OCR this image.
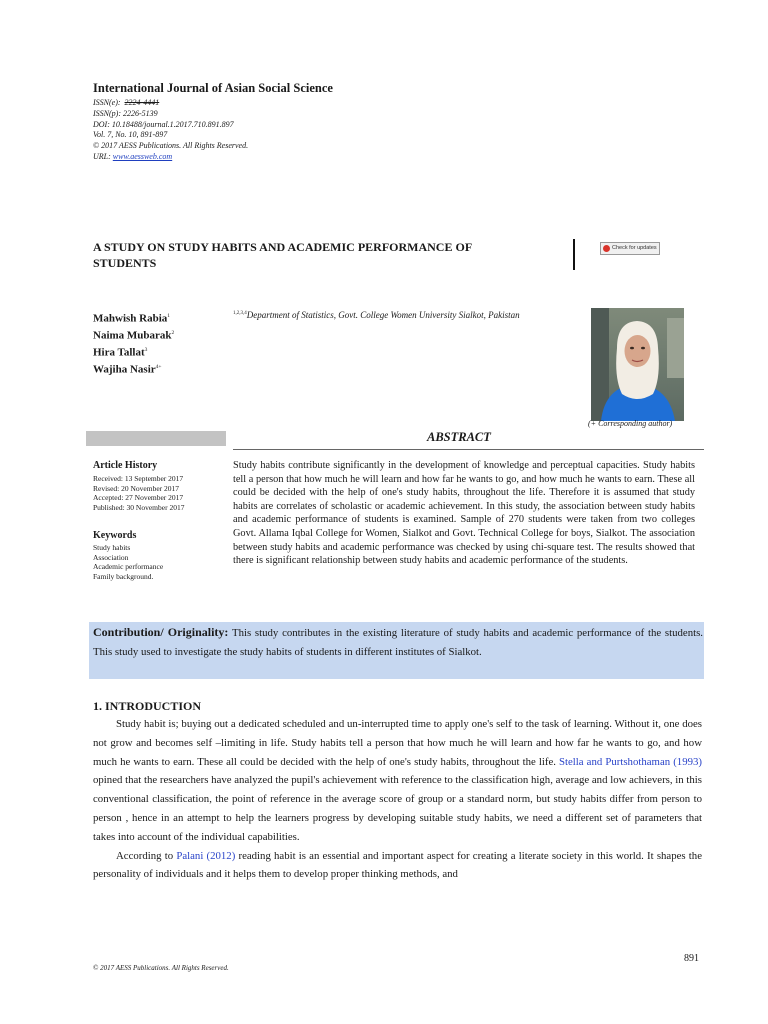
International Journal of Asian Social Science
ISSN(e): 2224-4441
ISSN(p): 2226-5139
DOI: 10.18488/journal.1.2017.710.891.897
Vol. 7, No. 10, 891-897
© 2017 AESS Publications. All Rights Reserved.
URL: www.aessweb.com
A STUDY ON STUDY HABITS AND ACADEMIC PERFORMANCE OF
STUDENTS
Check for updates
Mahwish Rabia$^1$
Naima Mubarak$^2$
Hira Tallat$^3$
Wajiha Nasir$^{4+}$
$^{1,2,3,4}$Department of Statistics, Govt. College Women University Sialkot, Pakistan
(+ Corresponding author)
ABSTRACT
Article History
Received: 13 September 2017
Revised: 20 November 2017
Accepted: 27 November 2017
Published: 30 November 2017
Keywords
Study habits
Association
Academic performance
Family background.
Study habits contribute significantly in the development of knowledge and perceptual capacities. Study habits tell a person that how much he will learn and how far he wants to go, and how much he wants to earn. These all could be decided with the help of one's study habits, throughout the life. Therefore it is assumed that study habits are correlates of scholastic or academic achievement. In this study, the association between study habits and academic performance of students is examined. Sample of 270 students were taken from two colleges Govt. Allama Iqbal College for Women, Sialkot and Govt. Technical College for boys, Sialkot. The association between study habits and academic performance was checked by using chi-square test. The results showed that there is significant relationship between study habits and academic performance of the students.
Contribution/ Originality: This study contributes in the existing literature of study habits and academic performance of the students. This study used to investigate the study habits of students in different institutes of Sialkot.
1. INTRODUCTION

Study habit is; buying out a dedicated scheduled and un-interrupted time to apply one's self to the task of learning. Without it, one does not grow and becomes self –limiting in life. Study habits tell a person that how much he will learn and how far he wants to go, and how much he wants to earn. These all could be decided with the help of one's study habits, throughout the life. Stella and Purtshothaman (1993) opined that the researchers have analyzed the pupil's achievement with reference to the classification high, average and low achievers, in this conventional classification, the point of reference in the average score of group or a standard norm, but study habits differ from person to person , hence in an attempt to help the learners progress by developing suitable study habits, we need a different set of parameters that takes into account of the individual capabilities.

According to Palani (2012) reading habit is an essential and important aspect for creating a literate society in this world. It shapes the personality of individuals and it helps them to develop proper thinking methods, and

891
© 2017 AESS Publications. All Rights Reserved.
